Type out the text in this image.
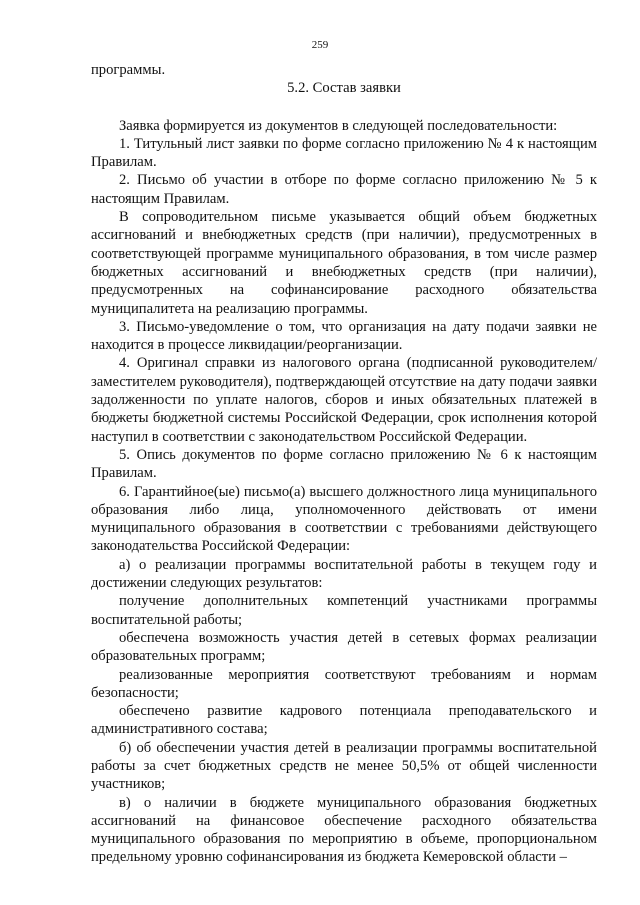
259

программы.

5.2. Состав заявки

Заявка формируется из документов в следующей последовательности:

1. Титульный лист заявки по форме согласно приложению № 4 к настоящим Правилам.

2. Письмо об участии в отборе по форме согласно приложению № 5 к настоящим Правилам.

В сопроводительном письме указывается общий объем бюджетных ассигнований и внебюджетных средств (при наличии), предусмотренных в соответствующей программе муниципального образования, в том числе размер бюджетных ассигнований и внебюджетных средств (при наличии), предусмотренных на софинансирование расходного обязательства муниципалитета на реализацию программы.

3. Письмо-уведомление о том, что организация на дату подачи заявки не находится в процессе ликвидации/реорганизации.

4. Оригинал справки из налогового органа (подписанной руководителем/заместителем руководителя), подтверждающей отсутствие на дату подачи заявки задолженности по уплате налогов, сборов и иных обязательных платежей в бюджеты бюджетной системы Российской Федерации, срок исполнения которой наступил в соответствии с законодательством Российской Федерации.

5. Опись документов по форме согласно приложению № 6 к настоящим Правилам.

6. Гарантийное(ые) письмо(а) высшего должностного лица муниципального образования либо лица, уполномоченного действовать от имени муниципального образования в соответствии с требованиями действующего законодательства Российской Федерации:

а) о реализации программы воспитательной работы в текущем году и достижении следующих результатов:

получение дополнительных компетенций участниками программы воспитательной работы;

обеспечена возможность участия детей в сетевых формах реализации образовательных программ;

реализованные мероприятия соответствуют требованиям и нормам безопасности;

обеспечено развитие кадрового потенциала преподавательского и административного состава;

б) об обеспечении участия детей в реализации программы воспитательной работы за счет бюджетных средств не менее 50,5% от общей численности участников;

в) о наличии в бюджете муниципального образования бюджетных ассигнований на финансовое обеспечение расходного обязательства муниципального образования по мероприятию в объеме, пропорциональном предельному уровню софинансирования из бюджета Кемеровской области –
